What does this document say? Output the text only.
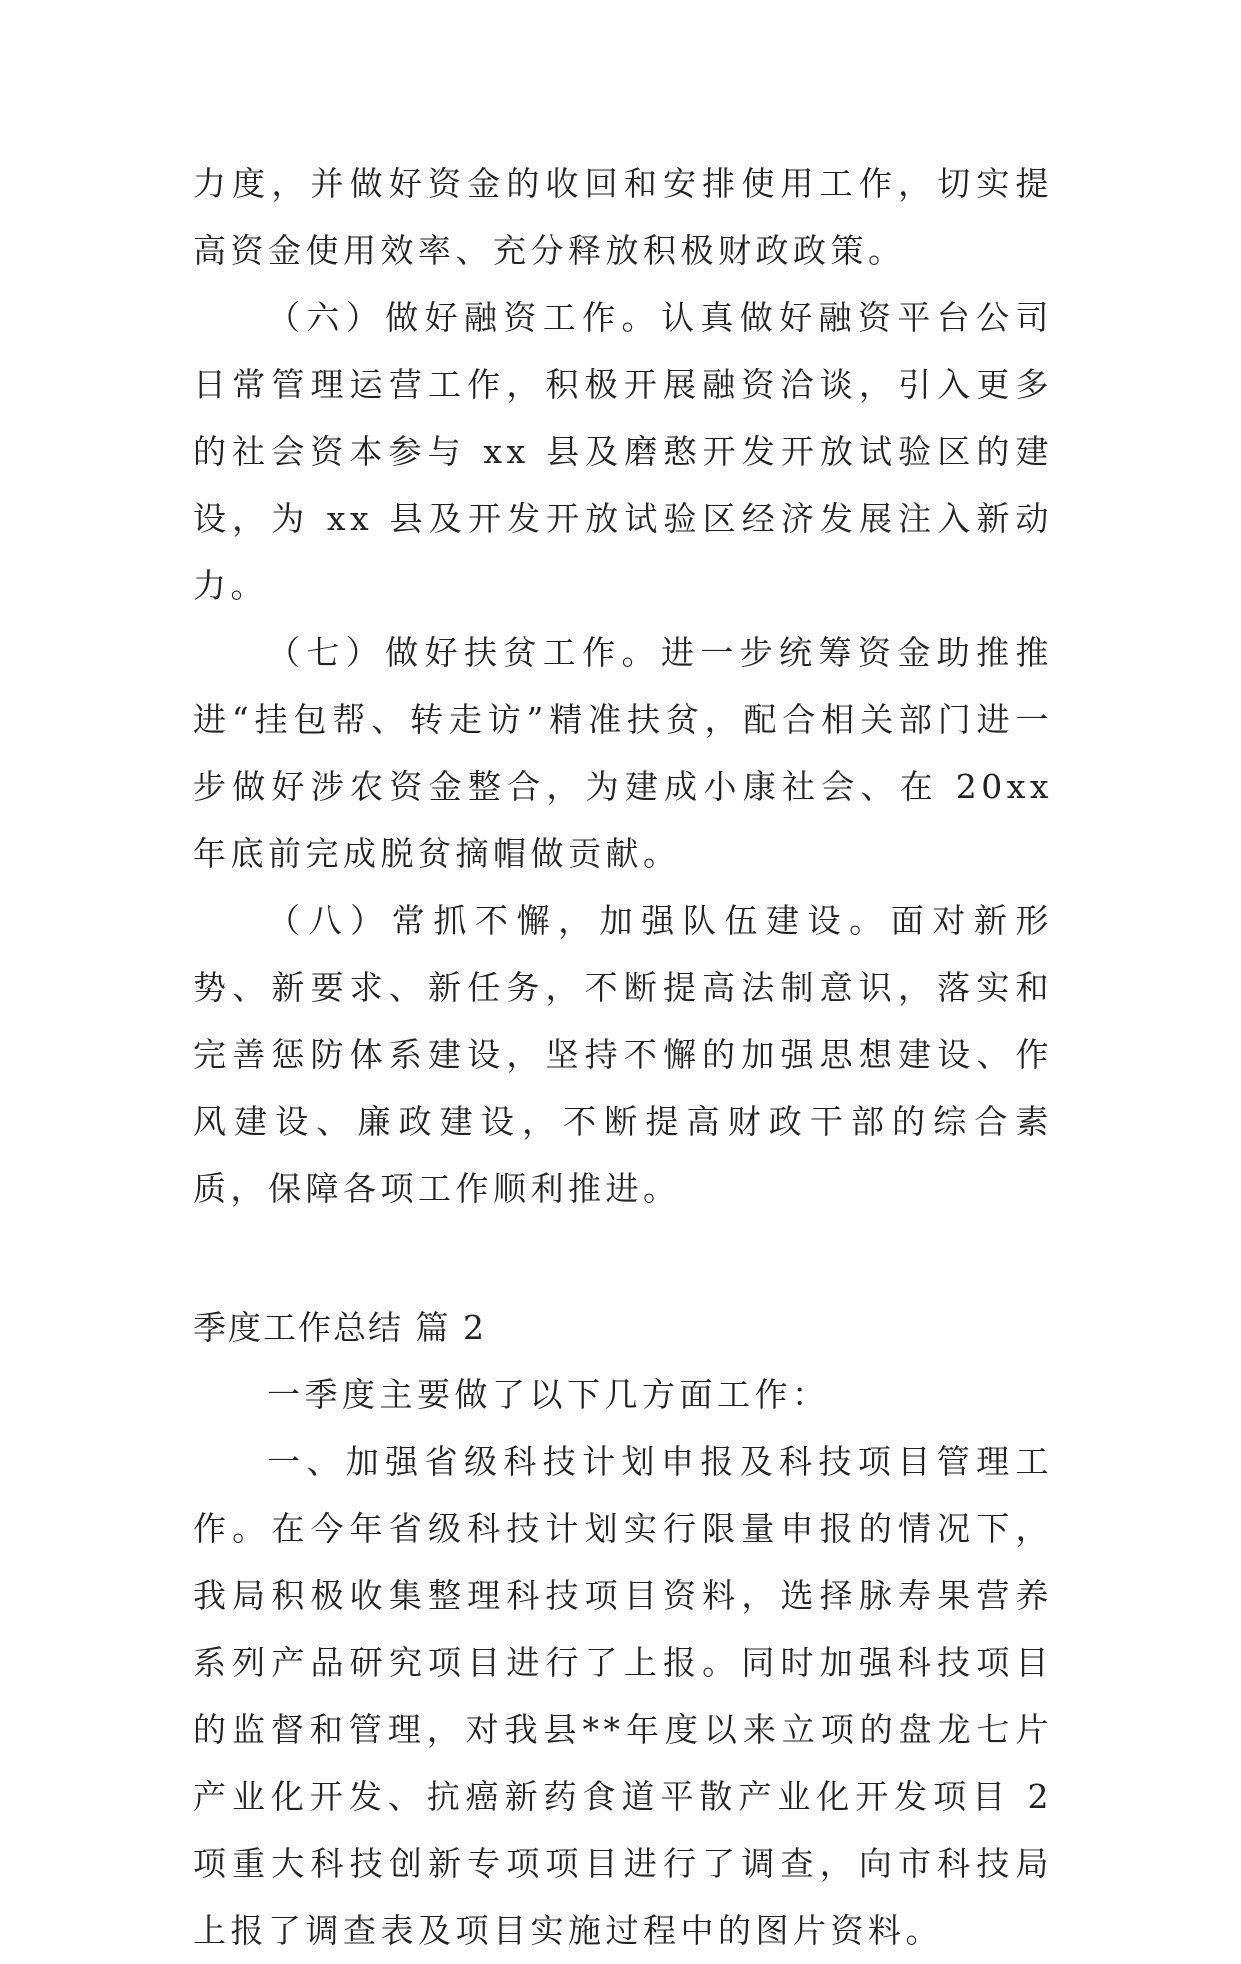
力度，并做好资金的收回和安排使用工作，切实提高资金使用效率、充分释放积极财政政策。

（六）做好融资工作。认真做好融资平台公司日常管理运营工作，积极开展融资洽谈，引入更多的社会资本参与 xx 县及磨憨开发开放试验区的建设，为 xx 县及开发开放试验区经济发展注入新动力。

（七）做好扶贫工作。进一步统筹资金助推推进“挂包帮、转走访”精准扶贫，配合相关部门进一步做好涉农资金整合，为建成小康社会、在 20xx 年底前完成脱贫摘帽做贡献。

（八）常抓不懈，加强队伍建设。面对新形势、新要求、新任务，不断提高法制意识，落实和完善惩防体系建设，坚持不懈的加强思想建设、作风建设、廉政建设，不断提高财政干部的综合素质，保障各项工作顺利推进。

季度工作总结 篇 2

一季度主要做了以下几方面工作：

一、加强省级科技计划申报及科技项目管理工作。在今年省级科技计划实行限量申报的情况下，我局积极收集整理科技项目资料，选择脉寿果营养系列产品研究项目进行了上报。同时加强科技项目的监督和管理，对我县**年度以来立项的盘龙七片产业化开发、抗癌新药食道平散产业化开发项目 2 项重大科技创新专项项目进行了调查，向市科技局上报了调查表及项目实施过程中的图片资料。
